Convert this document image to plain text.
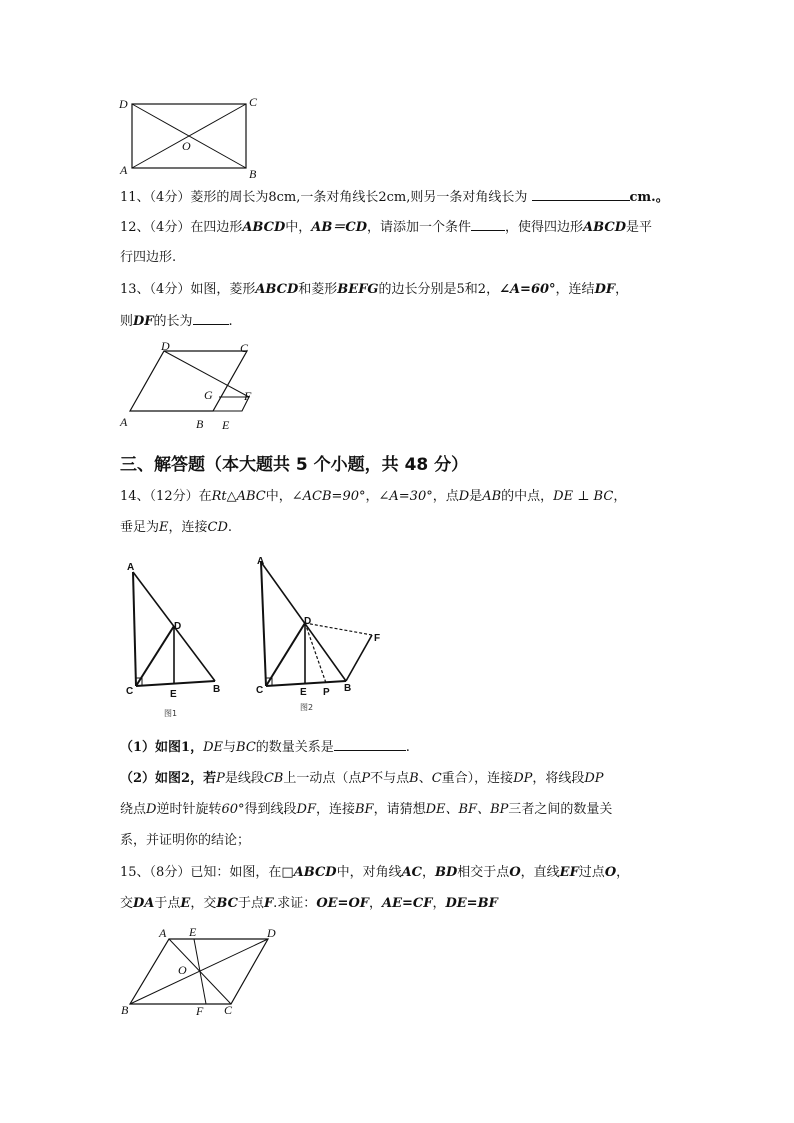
D	C
O
A	B
11、（4分）菱形的周长为8cm,一条对角线长2cm,则另一条对角线长为	cm.。
12、（4分）在四边形ABCD中，AB＝CD，请添加一个条件	，使得四边形ABCD是平
行四边形.
13、（4分）如图，菱形ABCD和菱形BEFG的边长分别是5和2，∠A=60°，连结DF，
则DF的长为	.
D	C
G	F
A	B E
三、解答题（本大题共 5 个小题，共 48 分）
14、（12分）在Rt△ABC中，∠ACB=90°，∠A=30°，点D是AB的中点，DE ⊥ BC，
垂足为E，连接CD.
A
D
C	E	B
图1
A
D
F
C	E P B
图2
（1）如图1，DE与BC的数量关系是	.
（2）如图2，若P是线段CB上一动点（点P不与点B、C重合），连接DP，将线段DP
绕点D逆时针旋转60°得到线段DF，连接BF，请猜想DE、BF、BP三者之间的数量关
系，并证明你的结论；
15、（8分）已知：如图，在□ABCD中，对角线AC，BD相交于点O，直线EF过点O，
交DA于点E，交BC于点F.求证：OE=OF，AE=CF，DE=BF
A E	D
O
B	F C
